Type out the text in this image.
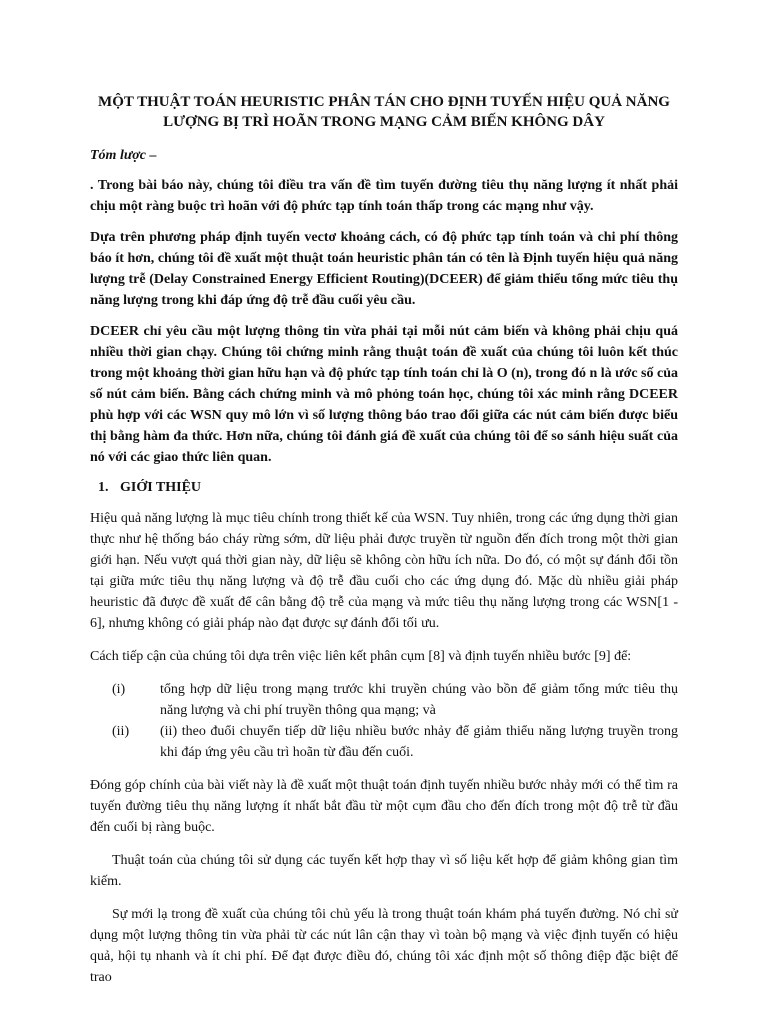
MỘT THUẬT TOÁN HEURISTIC PHÂN TÁN CHO ĐỊNH TUYẾN HIỆU QUẢ NĂNG LƯỢNG BỊ TRÌ HOÃN TRONG MẠNG CẢM BIẾN KHÔNG DÂY
Tóm lược –
. Trong bài báo này, chúng tôi điều tra vấn đề tìm tuyến đường tiêu thụ năng lượng ít nhất phải chịu một ràng buộc trì hoãn với độ phức tạp tính toán thấp trong các mạng như vậy.
Dựa trên phương pháp định tuyến vectơ khoảng cách, có độ phức tạp tính toán và chi phí thông báo ít hơn, chúng tôi đề xuất một thuật toán heuristic phân tán có tên là Định tuyến hiệu quả năng lượng trễ (Delay Constrained Energy Efficient Routing)(DCEER) để giảm thiểu tổng mức tiêu thụ năng lượng trong khi đáp ứng độ trễ đầu cuối yêu cầu.
DCEER chỉ yêu cầu một lượng thông tin vừa phải tại mỗi nút cảm biến và không phải chịu quá nhiều thời gian chạy. Chúng tôi chứng minh rằng thuật toán đề xuất của chúng tôi luôn kết thúc trong một khoảng thời gian hữu hạn và độ phức tạp tính toán chỉ là O (n), trong đó n là ước số của số nút cảm biến. Bằng cách chứng minh và mô phỏng toán học, chúng tôi xác minh rằng DCEER phù hợp với các WSN quy mô lớn vì số lượng thông báo trao đổi giữa các nút cảm biến được biểu thị bằng hàm đa thức. Hơn nữa, chúng tôi đánh giá đề xuất của chúng tôi để so sánh hiệu suất của nó với các giao thức liên quan.
1. GIỚI THIỆU
Hiệu quả năng lượng là mục tiêu chính trong thiết kế của WSN. Tuy nhiên, trong các ứng dụng thời gian thực như hệ thống báo cháy rừng sớm, dữ liệu phải được truyền từ nguồn đến đích trong một thời gian giới hạn. Nếu vượt quá thời gian này, dữ liệu sẽ không còn hữu ích nữa. Do đó, có một sự đánh đổi tồn tại giữa mức tiêu thụ năng lượng và độ trễ đầu cuối cho các ứng dụng đó. Mặc dù nhiều giải pháp heuristic đã được đề xuất để cân bằng độ trễ của mạng và mức tiêu thụ năng lượng trong các WSN[1 - 6], nhưng không có giải pháp nào đạt được sự đánh đổi tối ưu.
Cách tiếp cận của chúng tôi dựa trên việc liên kết phân cụm [8] và định tuyến nhiều bước [9] để:
(i)	tổng hợp dữ liệu trong mạng trước khi truyền chúng vào bồn để giảm tổng mức tiêu thụ năng lượng và chi phí truyền thông qua mạng; và
(ii)	(ii) theo đuổi chuyển tiếp dữ liệu nhiều bước nhảy để giảm thiểu năng lượng truyền trong khi đáp ứng yêu cầu trì hoãn từ đầu đến cuối.
Đóng góp chính của bài viết này là đề xuất một thuật toán định tuyến nhiều bước nhảy mới có thể tìm ra tuyến đường tiêu thụ năng lượng ít nhất bắt đầu từ một cụm đầu cho đến đích trong một độ trễ từ đầu đến cuối bị ràng buộc.
Thuật toán của chúng tôi sử dụng các tuyến kết hợp thay vì số liệu kết hợp để giảm không gian tìm kiếm.
Sự mới lạ trong đề xuất của chúng tôi chủ yếu là trong thuật toán khám phá tuyến đường. Nó chỉ sử dụng một lượng thông tin vừa phải từ các nút lân cận thay vì toàn bộ mạng và việc định tuyến có hiệu quả, hội tụ nhanh và ít chi phí. Để đạt được điều đó, chúng tôi xác định một số thông điệp đặc biệt để trao
